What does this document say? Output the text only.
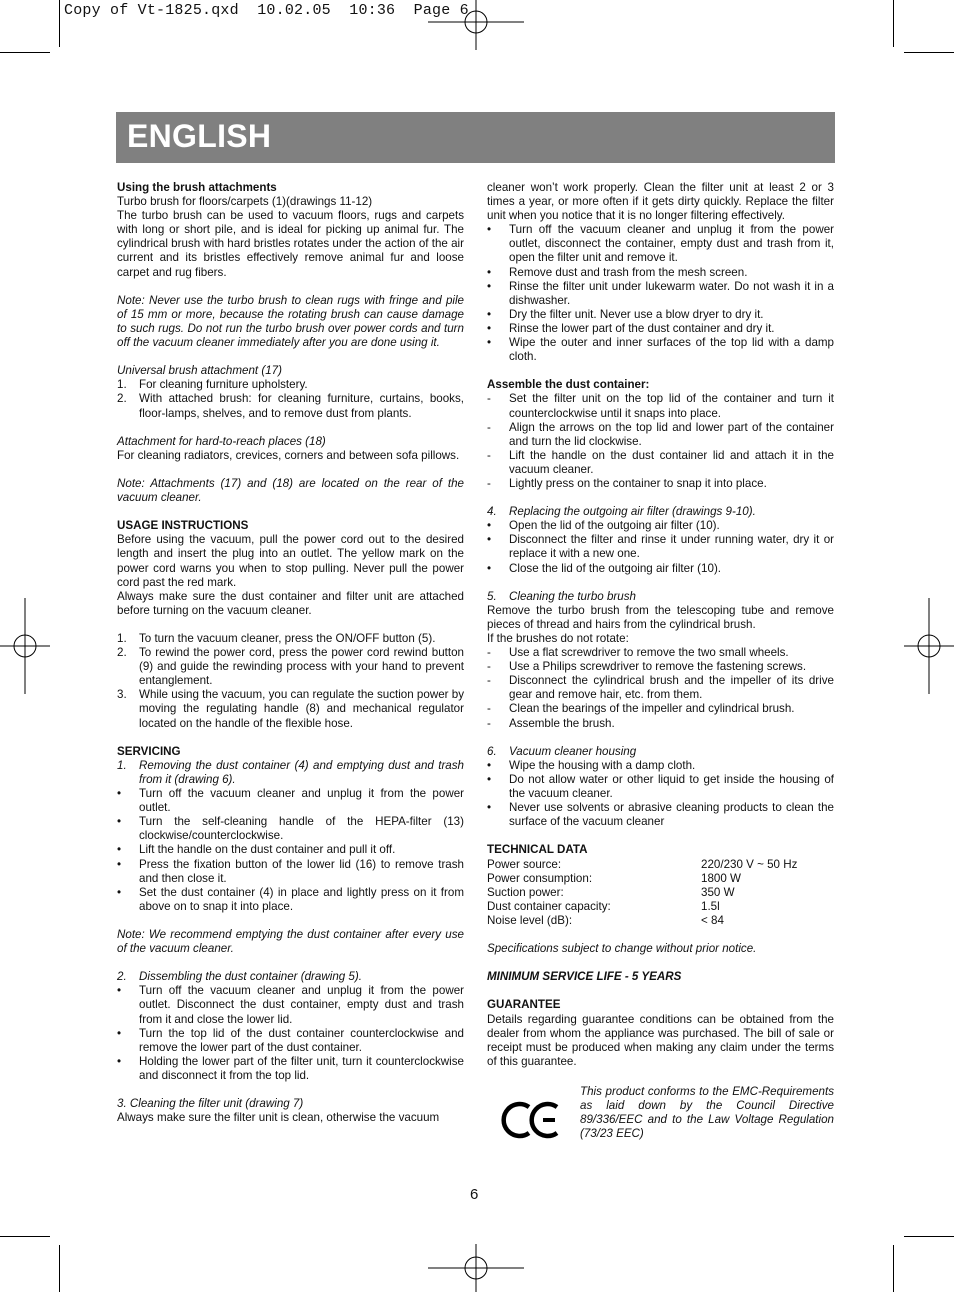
Copy of Vt-1825.qxd  10.02.05  10:36  Page 6
ENGLISH

Using the brush attachments

Turbo brush for floors/carpets (1)(drawings 11-12)

The turbo brush can be used to vacuum floors, rugs and carpets with long or short pile, and is ideal for picking up animal fur. The cylindrical brush with hard bristles rotates under the action of the air current and its bristles effectively remove animal fur and loose carpet and rug fibers.

Note: Never use the turbo brush to clean rugs with fringe and pile of 15 mm or more, because the rotating brush can cause damage to such rugs. Do not run the turbo brush over power cords and turn off the vacuum cleaner immediately after you are done using it.

Universal brush attachment (17)

1.	For cleaning furniture upholstery.
2.	With attached brush: for cleaning furniture, curtains, books, floor-lamps, shelves, and to remove dust from plants.

Attachment for hard-to-reach places (18)

For cleaning radiators, crevices, corners and between sofa pillows.

Note: Attachments (17) and (18) are located on the rear of the vacuum cleaner.

USAGE INSTRUCTIONS

Before using the vacuum, pull the power cord out to the desired length and insert the plug into an outlet. The yellow mark on the power cord warns you when to stop pulling. Never pull the power cord past the red mark.

Always make sure the dust container and filter unit are attached before turning on the vacuum cleaner.

1.	To turn the vacuum cleaner, press the ON/OFF button (5).
2.	To rewind the power cord, press the power cord rewind button (9) and guide the rewinding process with your hand to prevent entanglement.
3.	While using the vacuum, you can regulate the suction power by moving the regulating handle (8) and mechanical regulator located on the handle of the flexible hose.

SERVICING

1.	Removing the dust container (4) and emptying dust and trash from it (drawing 6).
•	Turn off the vacuum cleaner and unplug it from the power outlet.
•	Turn the self-cleaning handle of the HEPA-filter (13) clockwise/counterclockwise.
•	Lift the handle on the dust container and pull it off.
•	Press the fixation button of the lower lid (16) to remove trash and then close it.
•	Set the dust container (4) in place and lightly press on it from above on to snap it into place.

Note: We recommend emptying the dust container after every use of the vacuum cleaner.

2.	Dissembling the dust container (drawing 5).
•	Turn off the vacuum cleaner and unplug it from the power outlet. Disconnect the dust container, empty dust and trash from it and close the lower lid.
•	Turn the top lid of the dust container counterclockwise and remove the lower part of the dust container.
•	Holding the lower part of the filter unit, turn it counterclockwise and disconnect it from the top lid.

3. Cleaning the filter unit (drawing 7)

Always make sure the filter unit is clean, otherwise the vacuum

cleaner won’t work properly. Clean the filter unit at least 2 or 3 times a year, or more often if it gets dirty quickly. Replace the filter unit when you notice that it is no longer filtering effectively.

•	Turn off the vacuum cleaner and unplug it from the power outlet, disconnect the container, empty dust and trash from it, open the filter unit and remove it.
•	Remove dust and trash from the mesh screen.
•	Rinse the filter unit under lukewarm water. Do not wash it in a dishwasher.
•	Dry the filter unit. Never use a blow dryer to dry it.
•	Rinse the lower part of the dust container and dry it.
•	Wipe the outer and inner surfaces of the top lid with a damp cloth.

Assemble the dust container:

-	Set the filter unit on the top lid of the container and turn it counterclockwise until it snaps into place.
-	Align the arrows on the top lid and lower part of the container and turn the lid clockwise.
-	Lift the handle on the dust container lid and attach it in the vacuum cleaner.
-	Lightly press on the container to snap it into place.
4.	Replacing the outgoing air filter (drawings 9-10).
•	Open the lid of the outgoing air filter (10).
•	Disconnect the filter and rinse it under running water, dry it or replace it with a new one.
•	Close the lid of the outgoing air filter (10).
5.	Cleaning the turbo brush

Remove the turbo brush from the telescoping tube and remove pieces of thread and hairs from the cylindrical brush.

If the brushes do not rotate:

-	Use a flat screwdriver to remove the two small wheels.
-	Use a Philips screwdriver to remove the fastening screws.
-	Disconnect the cylindrical brush and the impeller of its drive gear and remove hair, etc. from them.
-	Clean the bearings of the impeller and cylindrical brush.
-	Assemble the brush.
6.	Vacuum cleaner housing
•	Wipe the housing with a damp cloth.
•	Do not allow water or other liquid to get inside the housing of the vacuum cleaner.
•	Never use solvents or abrasive cleaning products to clean the surface of the vacuum cleaner

TECHNICAL DATA

Power source:	220/230 V ~ 50 Hz
Power consumption:	1800 W
Suction power:	350 W
Dust container capacity:	1.5l
Noise level (dB):	< 84

Specifications subject to change without prior notice.

MINIMUM SERVICE LIFE - 5 YEARS

GUARANTEE

Details regarding guarantee conditions can be obtained from the dealer from whom the appliance was purchased. The bill of sale or receipt must be produced when making any claim under the terms of this guarantee.

This product conforms to the EMC-Requirements as laid down by the Council Directive 89/336/EEC and to the Law Voltage Regulation (73/23 EEC)
6
